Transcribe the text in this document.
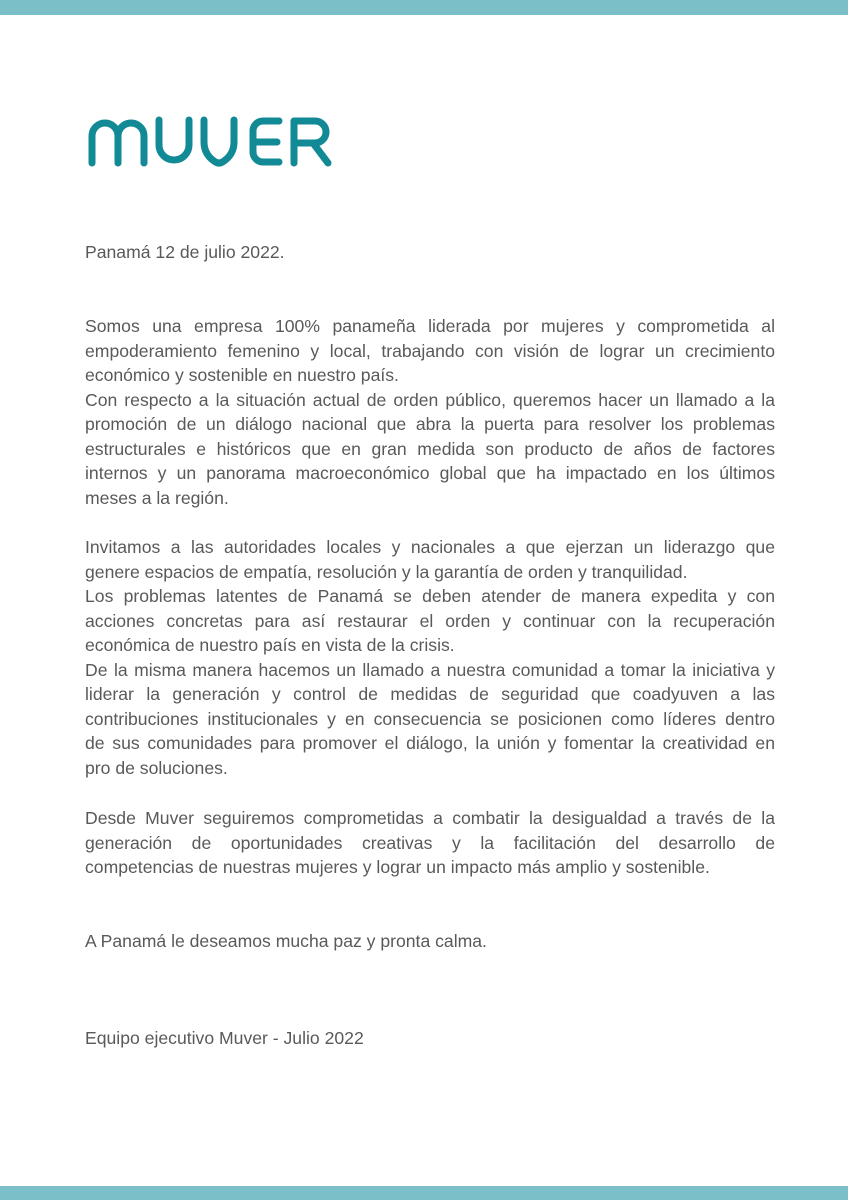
Panamá 12 de julio 2022.

Somos una empresa 100% panameña liderada por mujeres y comprometida al
empoderamiento femenino y local, trabajando con visión de lograr un crecimiento
económico y sostenible en nuestro país.
Con respecto a la situación actual de orden público, queremos hacer un llamado a la
promoción de un diálogo nacional que abra la puerta para resolver los problemas
estructurales e históricos que en gran medida son producto de años de factores
internos y un panorama macroeconómico global que ha impactado en los últimos
meses a la región.

Invitamos a las autoridades locales y nacionales a que ejerzan un liderazgo que
genere espacios de empatía, resolución y la garantía de orden y tranquilidad.
Los problemas latentes de Panamá se deben atender de manera expedita y con
acciones concretas para así restaurar el orden y continuar con la recuperación
económica de nuestro país en vista de la crisis.
De la misma manera hacemos un llamado a nuestra comunidad a tomar la iniciativa y
liderar la generación y control de medidas de seguridad que coadyuven a las
contribuciones institucionales y en consecuencia se posicionen como líderes dentro
de sus comunidades para promover el diálogo, la unión y fomentar la creatividad en
pro de soluciones.

Desde Muver seguiremos comprometidas a combatir la desigualdad a través de la
generación de oportunidades creativas y la facilitación del desarrollo de
competencias de nuestras mujeres y lograr un impacto más amplio y sostenible.

A Panamá le deseamos mucha paz y pronta calma.
Equipo ejecutivo Muver - Julio 2022
